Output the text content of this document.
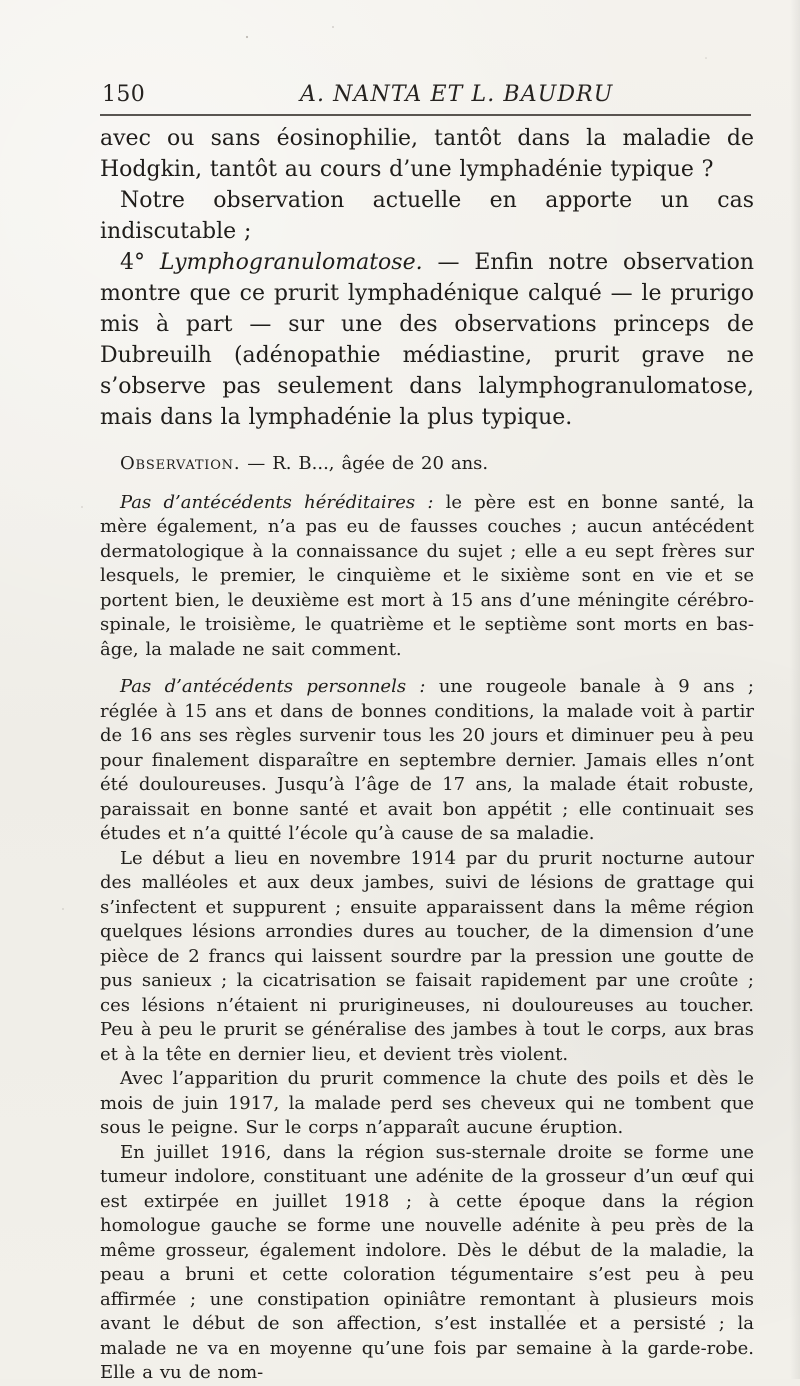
150	A. NANTA ET L. BAUDRU

avec ou sans éosinophilie, tantôt dans la maladie de Hodgkin, tantôt au cours d’une lymphadénie typique ?

Notre observation actuelle en apporte un cas indiscutable ;

4° Lymphogranulomatose. — Enfin notre observation montre que ce prurit lymphadénique calqué — le prurigo mis à part — sur une des observations princeps de Dubreuilh (adénopathie médiastine, prurit grave ne s’observe pas seulement dans lalymphogranulomatose, mais dans la lymphadénie la plus typique.

Observation. — R. B..., âgée de 20 ans.

Pas d’antécédents héréditaires : le père est en bonne santé, la mère également, n’a pas eu de fausses couches ; aucun antécédent dermatologique à la connaissance du sujet ; elle a eu sept frères sur lesquels, le premier, le cinquième et le sixième sont en vie et se portent bien, le deuxième est mort à 15 ans d’une méningite cérébro-spinale, le troisième, le quatrième et le septième sont morts en bas-âge, la malade ne sait comment.

Pas d’antécédents personnels : une rougeole banale à 9 ans ; réglée à 15 ans et dans de bonnes conditions, la malade voit à partir de 16 ans ses règles survenir tous les 20 jours et diminuer peu à peu pour finalement disparaître en septembre dernier. Jamais elles n’ont été douloureuses. Jusqu’à l’âge de 17 ans, la malade était robuste, paraissait en bonne santé et avait bon appétit ; elle continuait ses études et n’a quitté l’école qu’à cause de sa maladie.

Le début a lieu en novembre 1914 par du prurit nocturne autour des malléoles et aux deux jambes, suivi de lésions de grattage qui s’infectent et suppurent ; ensuite apparaissent dans la même région quelques lésions arrondies dures au toucher, de la dimension d’une pièce de 2 francs qui laissent sourdre par la pression une goutte de pus sanieux ; la cicatrisation se faisait rapidement par une croûte ; ces lésions n’étaient ni prurigineuses, ni douloureuses au toucher. Peu à peu le prurit se généralise des jambes à tout le corps, aux bras et à la tête en dernier lieu, et devient très violent.

Avec l’apparition du prurit commence la chute des poils et dès le mois de juin 1917, la malade perd ses cheveux qui ne tombent que sous le peigne. Sur le corps n’apparaît aucune éruption.

En juillet 1916, dans la région sus-sternale droite se forme une tumeur indolore, constituant une adénite de la grosseur d’un œuf qui est extirpée en juillet 1918 ; à cette époque dans la région homologue gauche se forme une nouvelle adénite à peu près de la même grosseur, également indolore. Dès le début de la maladie, la peau a bruni et cette coloration tégumentaire s’est peu à peu affirmée ; une constipation opiniâtre remontant à plusieurs mois avant le début de son affection, s’est installée et a persisté ; la malade ne va en moyenne qu’une fois par semaine à la garde-robe. Elle a vu de nom-
